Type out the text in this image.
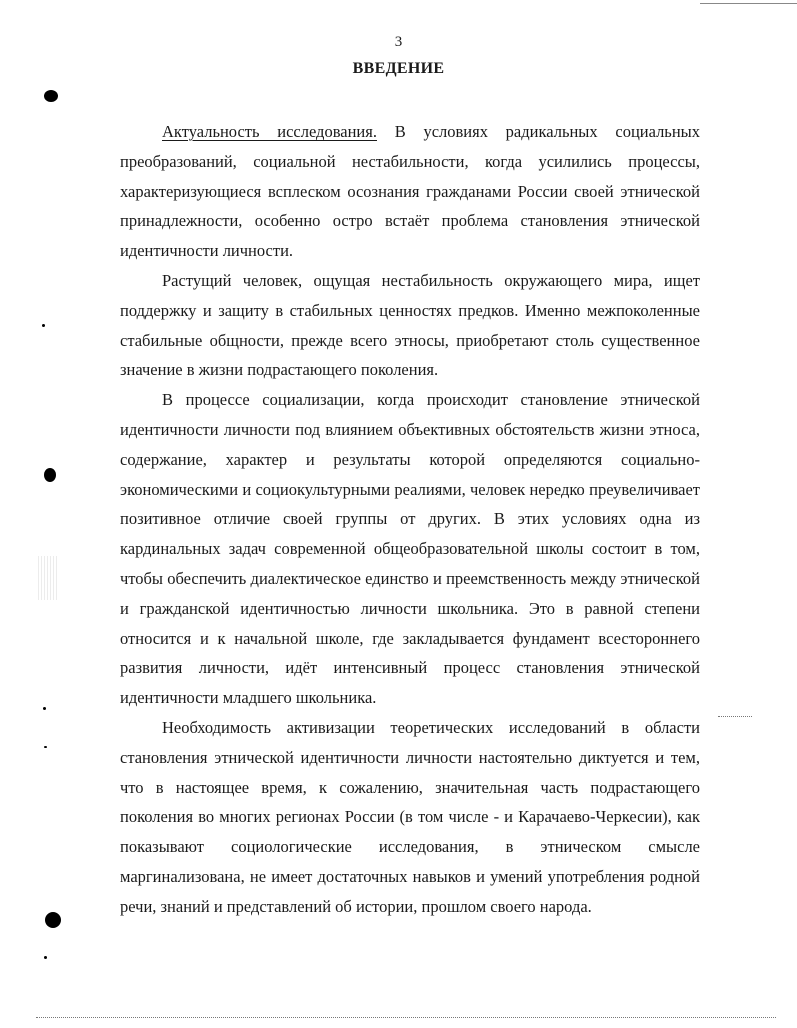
3
ВВЕДЕНИЕ

Актуальность исследования. В условиях радикальных социальных преобразований, социальной нестабильности, когда усилились процессы, характеризующиеся всплеском осознания гражданами России своей этнической принадлежности, особенно остро встаёт проблема становления этнической идентичности личности.

Растущий человек, ощущая нестабильность окружающего мира, ищет поддержку и защиту в стабильных ценностях предков. Именно межпоколенные стабильные общности, прежде всего этносы, приобретают столь существенное значение в жизни подрастающего поколения.

В процессе социализации, когда происходит становление этнической идентичности личности под влиянием объективных обстоятельств жизни этноса, содержание, характер и результаты которой определяются социально-экономическими и социокультурными реалиями, человек нередко преувеличивает позитивное отличие своей группы от других. В этих условиях одна из кардинальных задач современной общеобразовательной школы состоит в том, чтобы обеспечить диалектическое единство и преемственность между этнической и гражданской идентичностью личности школьника. Это в равной степени относится и к начальной школе, где закладывается фундамент всестороннего развития личности, идёт интенсивный процесс становления этнической идентичности младшего школьника.

Необходимость активизации теоретических исследований в области становления этнической идентичности личности настоятельно диктуется и тем, что в настоящее время, к сожалению, значительная часть подрастающего поколения во многих регионах России (в том числе - и Карачаево-Черкесии), как показывают социологические исследования, в этническом смысле маргинализована, не имеет достаточных навыков и умений употребления родной речи, знаний и представлений об истории, прошлом своего народа.
